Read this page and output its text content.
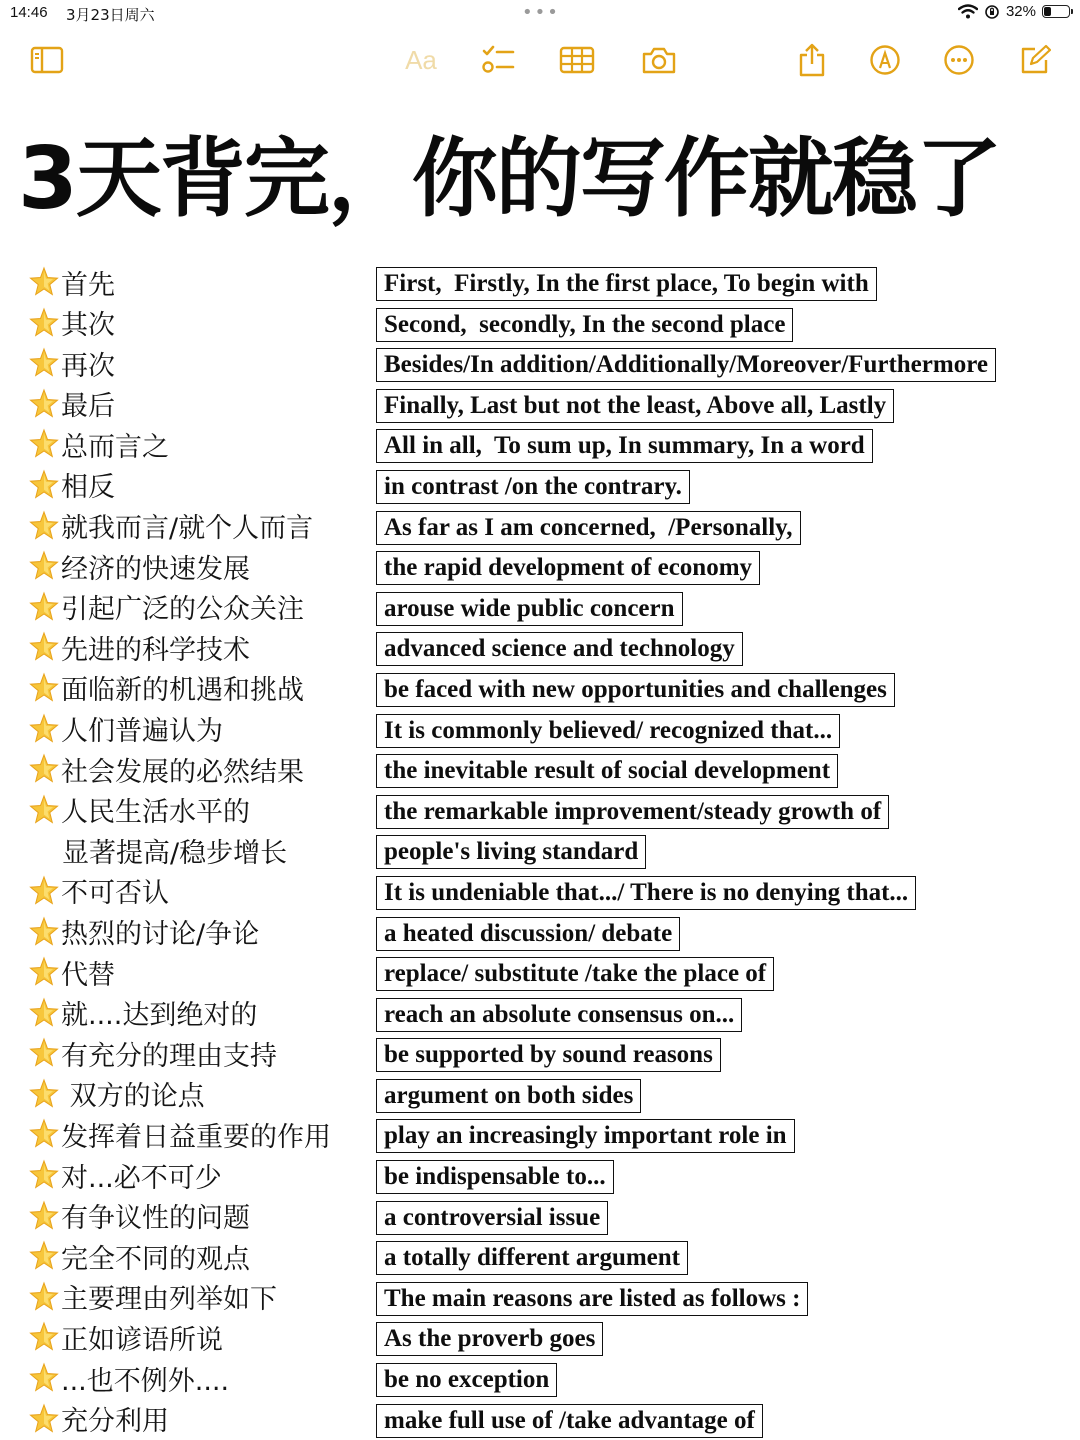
14:46 3月23日周六	•••	32%
Aa
3天背完，你的写作就稳了
首先	First,  Firstly, In the first place, To begin with
其次	Second,  secondly, In the second place
再次	Besides/In addition/Additionally/Moreover/Furthermore
最后	Finally, Last but not the least, Above all, Lastly
总而言之	All in all,  To sum up, In summary, In a word
相反	in contrast /on the contrary.
就我而言/就个人而言	As far as I am concerned,  /Personally,
经济的快速发展	the rapid development of economy
引起广泛的公众关注	arouse wide public concern
先进的科学技术	advanced science and technology
面临新的机遇和挑战	be faced with new opportunities and challenges
人们普遍认为	It is commonly believed/ recognized that...
社会发展的必然结果	the inevitable result of social development
人民生活水平的	the remarkable improvement/steady growth of
显著提高/稳步增长	people's living standard
不可否认	It is undeniable that.../ There is no denying that...
热烈的讨论/争论	a heated discussion/ debate
代替	replace/ substitute /take the place of
就....达到绝对的	reach an absolute consensus on...
有充分的理由支持	be supported by sound reasons
双方的论点	argument on both sides
发挥着日益重要的作用	play an increasingly important role in
对...必不可少	be indispensable to...
有争议性的问题	a controversial issue
完全不同的观点	a totally different argument
主要理由列举如下	The main reasons are listed as follows :
正如谚语所说	As the proverb goes
...也不例外....	be no exception
充分利用	make full use of /take advantage of
